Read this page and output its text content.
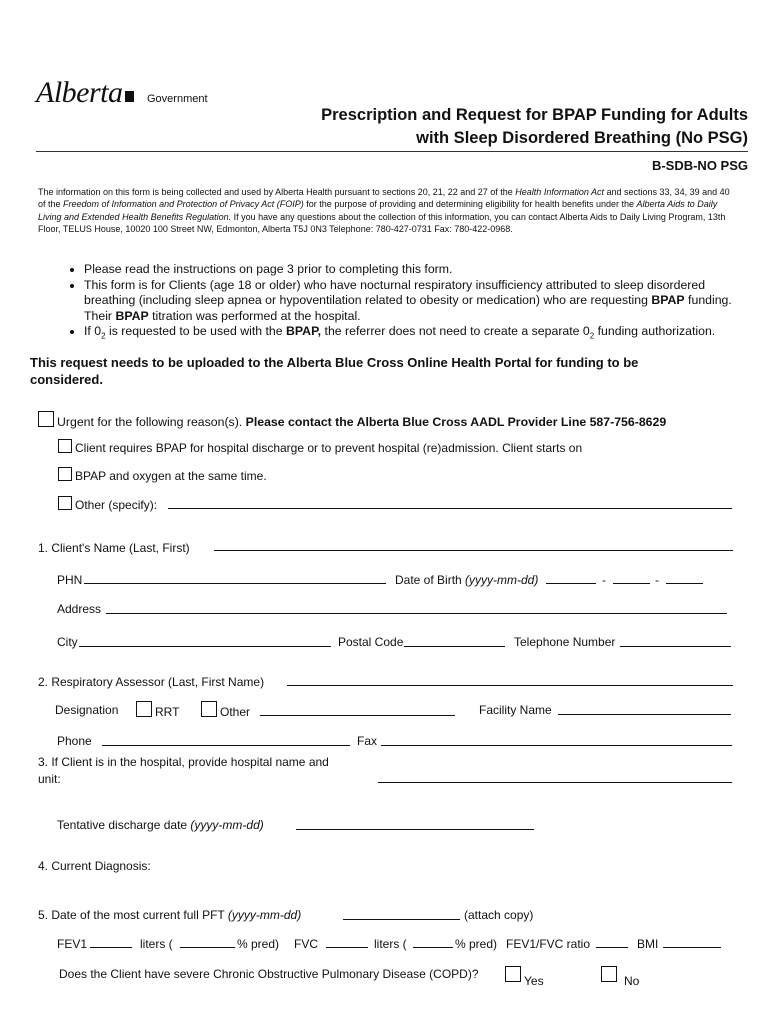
Alberta	Government
Prescription and Request for BPAP Funding for Adults
with Sleep Disordered Breathing (No PSG)
B-SDB-NO PSG
The information on this form is being collected and used by Alberta Health pursuant to sections 20, 21, 22 and 27 of the Health Information Act and sections 33, 34, 39 and 40 of the Freedom of Information and Protection of Privacy Act (FOIP) for the purpose of providing and determining eligibility for health benefits under the Alberta Aids to Daily Living and Extended Health Benefits Regulation. If you have any questions about the collection of this information, you can contact Alberta Aids to Daily Living Program, 13th Floor, TELUS House, 10020 100 Street NW, Edmonton, Alberta T5J 0N3 Telephone: 780-427-0731 Fax: 780-422-0968.
• Please read the instructions on page 3 prior to completing this form.
• This form is for Clients (age 18 or older) who have nocturnal respiratory insufficiency attributed to sleep disordered breathing (including sleep apnea or hypoventilation related to obesity or medication) who are requesting BPAP funding. Their BPAP titration was performed at the hospital.
• If $0_2$ is requested to be used with the BPAP, the referrer does not need to create a separate $0_2$ funding authorization.
This request needs to be uploaded to the Alberta Blue Cross Online Health Portal for funding to be considered.
Urgent for the following reason(s). Please contact the Alberta Blue Cross AADL Provider Line 587-756-8629
Client requires BPAP for hospital discharge or to prevent hospital (re)admission. Client starts on
BPAP and oxygen at the same time.
Other (specify):
1. Client's Name (Last, First)
PHN	Date of Birth (yyyy-mm-dd)	-	-
Address
City	Postal Code	Telephone Number
2. Respiratory Assessor (Last, First Name)
Designation	RRT	Other	Facility Name
Phone	Fax
3. If Client is in the hospital, provide hospital name and
unit:
Tentative discharge date (yyyy-mm-dd)
4. Current Diagnosis:
5. Date of the most current full PFT (yyyy-mm-dd)	(attach copy)
FEV1	liters (	% pred) FVC	liters (	% pred) FEV1/FVC ratio	BMI
Does the Client have severe Chronic Obstructive Pulmonary Disease (COPD)?	Yes	No
